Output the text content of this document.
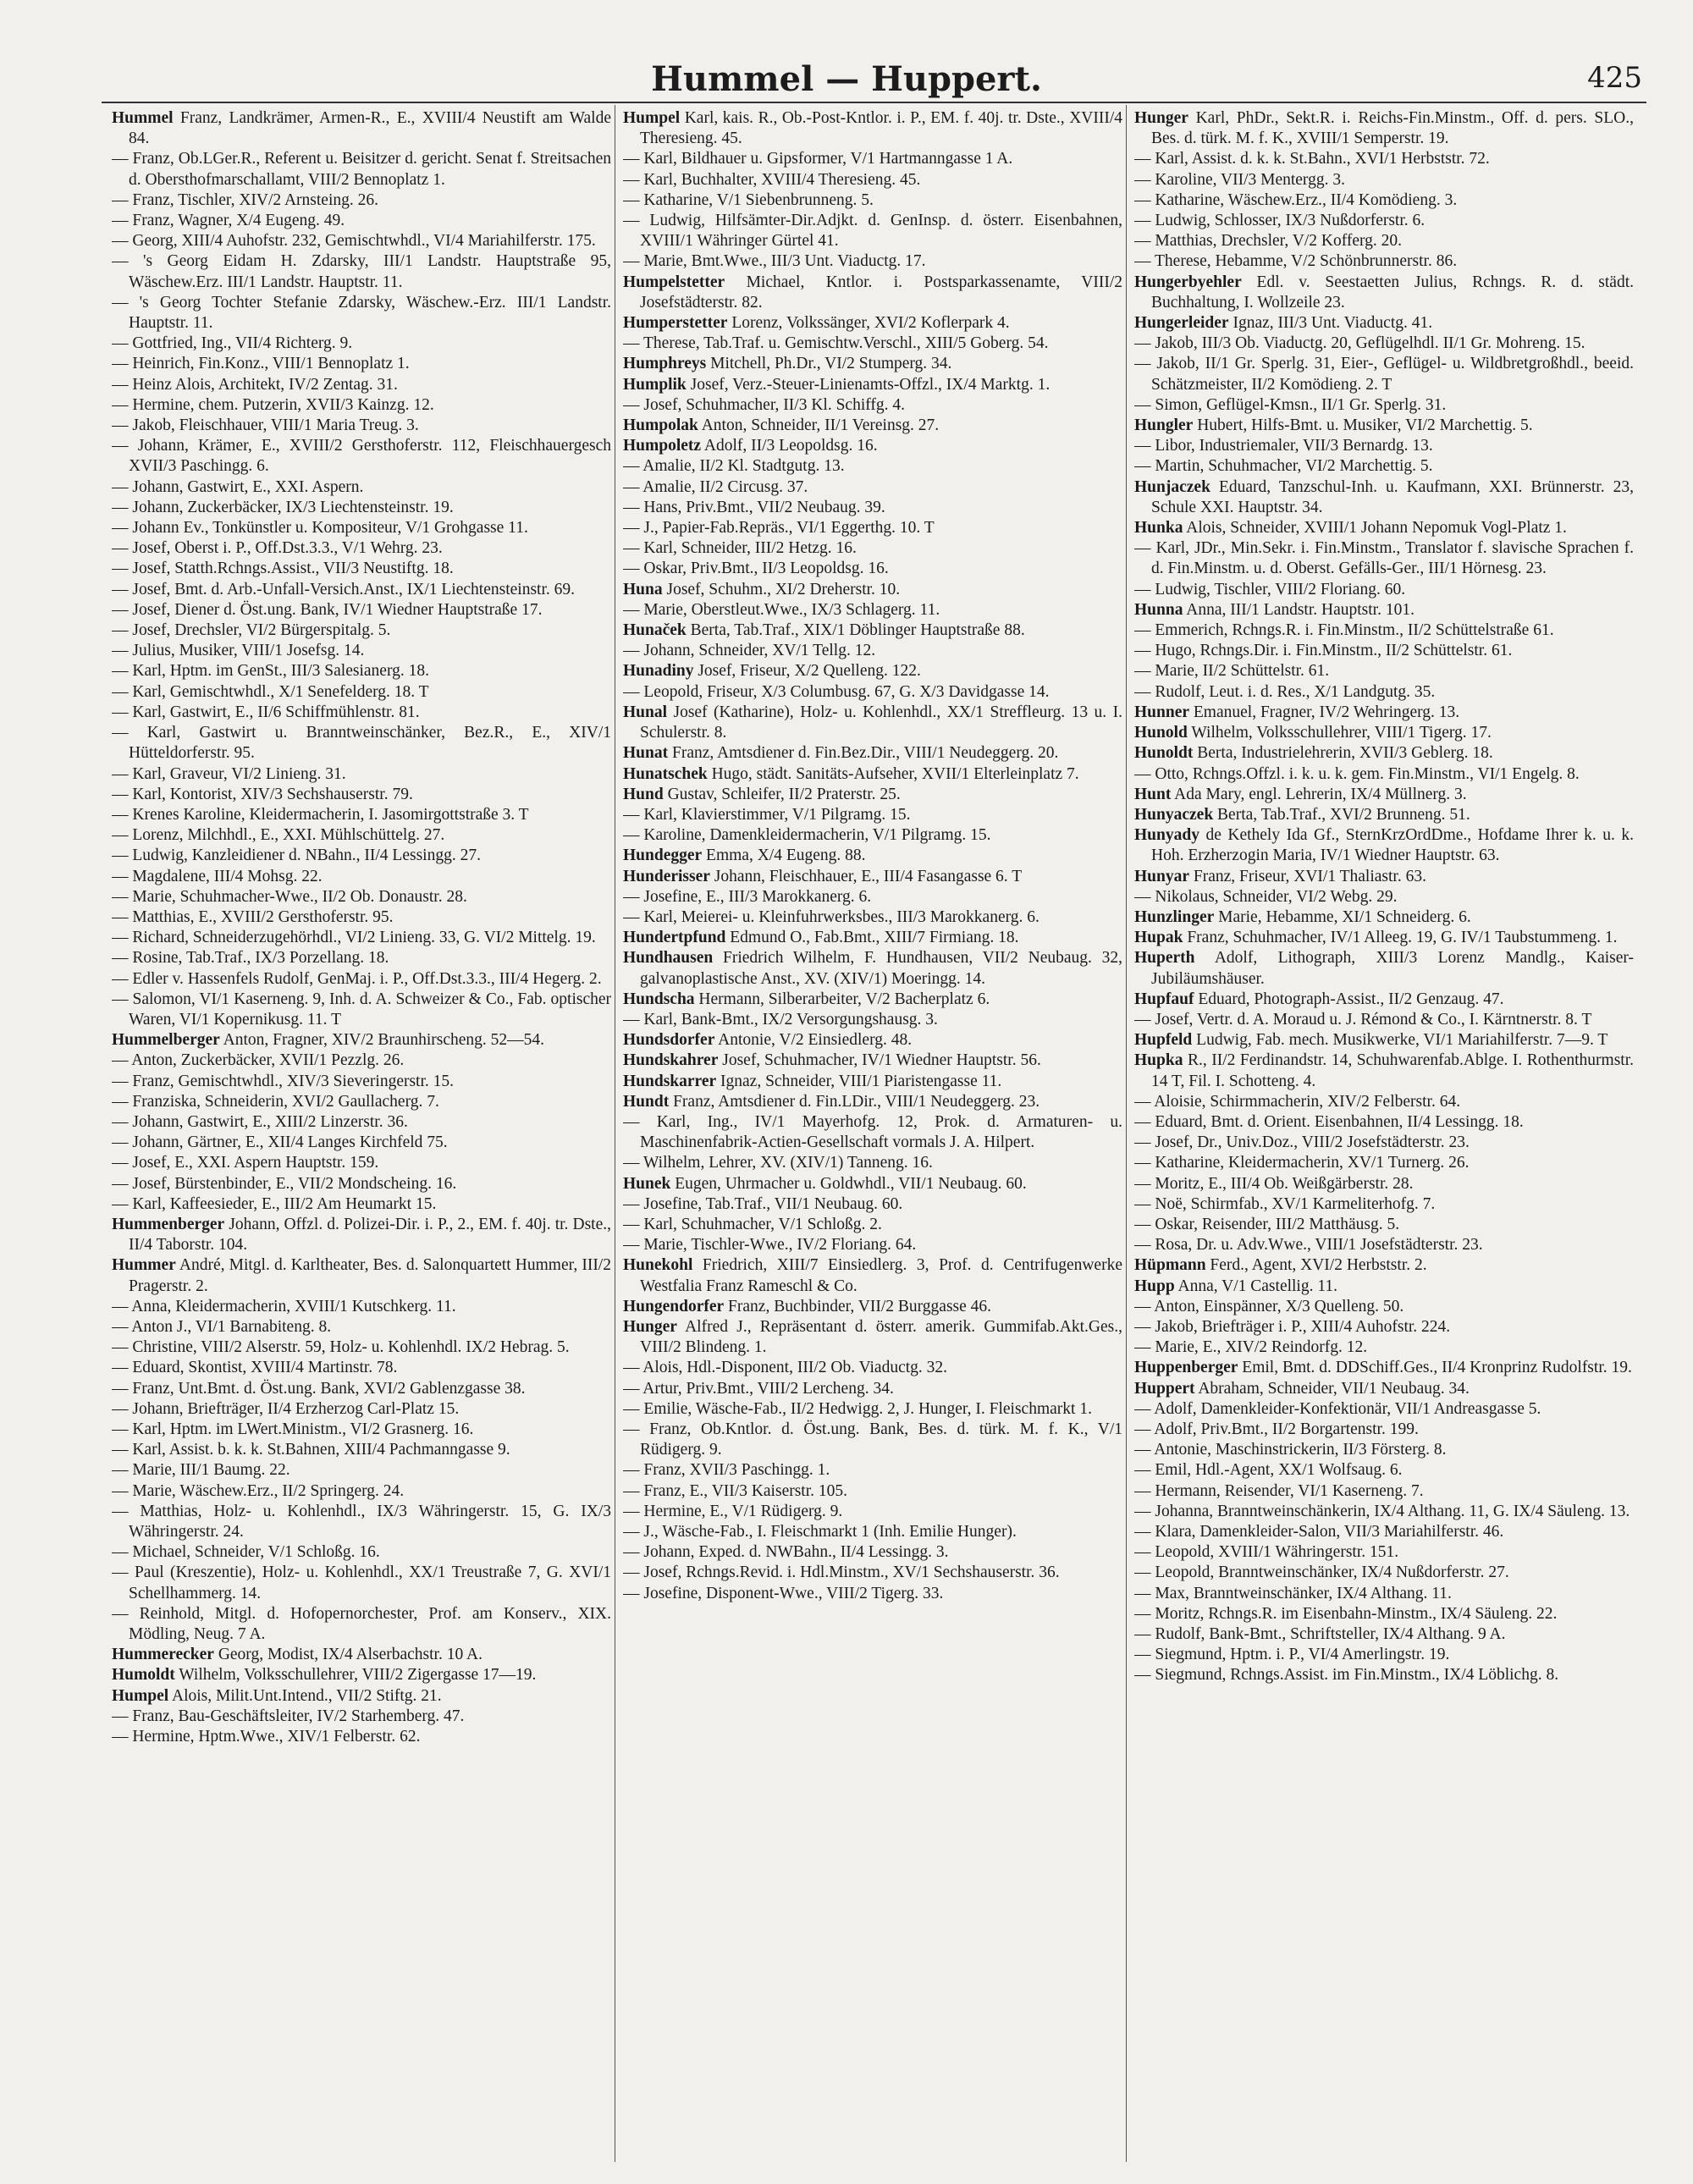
Hummel — Huppert.	425

Hummel Franz, Landkrämer, Armen-R., E., XVIII/4 Neustift am Walde 84.

— Franz, Ob.LGer.R., Referent u. Beisitzer d. gericht. Senat f. Streitsachen d. Obersthofmarschallamt, VIII/2 Bennoplatz 1.

— Franz, Tischler, XIV/2 Arnsteing. 26.

— Franz, Wagner, X/4 Eugeng. 49.

— Georg, XIII/4 Auhofstr. 232, Gemischtwhdl., VI/4 Mariahilferstr. 175.

— 's Georg Eidam H. Zdarsky, III/1 Landstr. Hauptstraße 95, Wäschew.Erz. III/1 Landstr. Hauptstr. 11.

— 's Georg Tochter Stefanie Zdarsky, Wäschew.-Erz. III/1 Landstr. Hauptstr. 11.

— Gottfried, Ing., VII/4 Richterg. 9.

— Heinrich, Fin.Konz., VIII/1 Bennoplatz 1.

— Heinz Alois, Architekt, IV/2 Zentag. 31.

— Hermine, chem. Putzerin, XVII/3 Kainzg. 12.

— Jakob, Fleischhauer, VIII/1 Maria Treug. 3.

— Johann, Krämer, E., XVIII/2 Gersthoferstr. 112, Fleischhauergesch XVII/3 Paschingg. 6.

— Johann, Gastwirt, E., XXI. Aspern.

— Johann, Zuckerbäcker, IX/3 Liechtensteinstr. 19.

— Johann Ev., Tonkünstler u. Kompositeur, V/1 Grohgasse 11.

— Josef, Oberst i. P., Off.Dst.3.3., V/1 Wehrg. 23.

— Josef, Statth.Rchngs.Assist., VII/3 Neustiftg. 18.

— Josef, Bmt. d. Arb.-Unfall-Versich.Anst., IX/1 Liechtensteinstr. 69.

— Josef, Diener d. Öst.ung. Bank, IV/1 Wiedner Hauptstraße 17.

— Josef, Drechsler, VI/2 Bürgerspitalg. 5.

— Julius, Musiker, VIII/1 Josefsg. 14.

— Karl, Hptm. im GenSt., III/3 Salesianerg. 18.

— Karl, Gemischtwhdl., X/1 Senefelderg. 18. T

— Karl, Gastwirt, E., II/6 Schiffmühlenstr. 81.

— Karl, Gastwirt u. Branntweinschänker, Bez.R., E., XIV/1 Hütteldorferstr. 95.

— Karl, Graveur, VI/2 Linieng. 31.

— Karl, Kontorist, XIV/3 Sechshauserstr. 79.

— Krenes Karoline, Kleidermacherin, I. Jasomirgottstraße 3. T

— Lorenz, Milchhdl., E., XXI. Mühlschüttelg. 27.

— Ludwig, Kanzleidiener d. NBahn., II/4 Lessingg. 27.

— Magdalene, III/4 Mohsg. 22.

— Marie, Schuhmacher-Wwe., II/2 Ob. Donaustr. 28.

— Matthias, E., XVIII/2 Gersthoferstr. 95.

— Richard, Schneiderzugehörhdl., VI/2 Linieng. 33, G. VI/2 Mittelg. 19.

— Rosine, Tab.Traf., IX/3 Porzellang. 18.

— Edler v. Hassenfels Rudolf, GenMaj. i. P., Off.Dst.3.3., III/4 Hegerg. 2.

— Salomon, VI/1 Kaserneng. 9, Inh. d. A. Schweizer & Co., Fab. optischer Waren, VI/1 Kopernikusg. 11. T

Hummelberger Anton, Fragner, XIV/2 Braunhirscheng. 52—54.

— Anton, Zuckerbäcker, XVII/1 Pezzlg. 26.

— Franz, Gemischtwhdl., XIV/3 Sieveringerstr. 15.

— Franziska, Schneiderin, XVI/2 Gaullacherg. 7.

— Johann, Gastwirt, E., XIII/2 Linzerstr. 36.

— Johann, Gärtner, E., XII/4 Langes Kirchfeld 75.

— Josef, E., XXI. Aspern Hauptstr. 159.

— Josef, Bürstenbinder, E., VII/2 Mondscheing. 16.

— Karl, Kaffeesieder, E., III/2 Am Heumarkt 15.

Hummenberger Johann, Offzl. d. Polizei-Dir. i. P., 2., EM. f. 40j. tr. Dste., II/4 Taborstr. 104.

Hummer André, Mitgl. d. Karltheater, Bes. d. Salonquartett Hummer, III/2 Pragerstr. 2.

— Anna, Kleidermacherin, XVIII/1 Kutschkerg. 11.

— Anton J., VI/1 Barnabiteng. 8.

— Christine, VIII/2 Alserstr. 59, Holz- u. Kohlenhdl. IX/2 Hebrag. 5.

— Eduard, Skontist, XVIII/4 Martinstr. 78.

— Franz, Unt.Bmt. d. Öst.ung. Bank, XVI/2 Gablenzgasse 38.

— Johann, Briefträger, II/4 Erzherzog Carl-Platz 15.

— Karl, Hptm. im LWert.Ministm., VI/2 Grasnerg. 16.

— Karl, Assist. b. k. k. St.Bahnen, XIII/4 Pachmanngasse 9.

— Marie, III/1 Baumg. 22.

— Marie, Wäschew.Erz., II/2 Springerg. 24.

— Matthias, Holz- u. Kohlenhdl., IX/3 Währingerstr. 15, G. IX/3 Währingerstr. 24.

— Michael, Schneider, V/1 Schloßg. 16.

— Paul (Kreszentie), Holz- u. Kohlenhdl., XX/1 Treustraße 7, G. XVI/1 Schellhammerg. 14.

— Reinhold, Mitgl. d. Hofopernorchester, Prof. am Konserv., XIX. Mödling, Neug. 7 A.

Hummerecker Georg, Modist, IX/4 Alserbachstr. 10 A.

Humoldt Wilhelm, Volksschullehrer, VIII/2 Zigergasse 17—19.

Humpel Alois, Milit.Unt.Intend., VII/2 Stiftg. 21.

— Franz, Bau-Geschäftsleiter, IV/2 Starhemberg. 47.

— Hermine, Hptm.Wwe., XIV/1 Felberstr. 62.

Humpel Karl, kais. R., Ob.-Post-Kntlor. i. P., EM. f. 40j. tr. Dste., XVIII/4 Theresieng. 45.

— Karl, Bildhauer u. Gipsformer, V/1 Hartmanngasse 1 A.

— Karl, Buchhalter, XVIII/4 Theresieng. 45.

— Katharine, V/1 Siebenbrunneng. 5.

— Ludwig, Hilfsämter-Dir.Adjkt. d. GenInsp. d. österr. Eisenbahnen, XVIII/1 Währinger Gürtel 41.

— Marie, Bmt.Wwe., III/3 Unt. Viaductg. 17.

Humpelstetter Michael, Kntlor. i. Postsparkassenamte, VIII/2 Josefstädterstr. 82.

Humperstetter Lorenz, Volkssänger, XVI/2 Koflerpark 4.

— Therese, Tab.Traf. u. Gemischtw.Verschl., XIII/5 Goberg. 54.

Humphreys Mitchell, Ph.Dr., VI/2 Stumperg. 34.

Humplik Josef, Verz.-Steuer-Linienamts-Offzl., IX/4 Marktg. 1.

— Josef, Schuhmacher, II/3 Kl. Schiffg. 4.

Humpolak Anton, Schneider, II/1 Vereinsg. 27.

Humpoletz Adolf, II/3 Leopoldsg. 16.

— Amalie, II/2 Kl. Stadtgutg. 13.

— Amalie, II/2 Circusg. 37.

— Hans, Priv.Bmt., VII/2 Neubaug. 39.

— J., Papier-Fab.Repräs., VI/1 Eggerthg. 10. T

— Karl, Schneider, III/2 Hetzg. 16.

— Oskar, Priv.Bmt., II/3 Leopoldsg. 16.

Huna Josef, Schuhm., XI/2 Dreherstr. 10.

— Marie, Oberstleut.Wwe., IX/3 Schlagerg. 11.

Hunaček Berta, Tab.Traf., XIX/1 Döblinger Hauptstraße 88.

— Johann, Schneider, XV/1 Tellg. 12.

Hunadiny Josef, Friseur, X/2 Quelleng. 122.

— Leopold, Friseur, X/3 Columbusg. 67, G. X/3 Davidgasse 14.

Hunal Josef (Katharine), Holz- u. Kohlenhdl., XX/1 Streffleurg. 13 u. I. Schulerstr. 8.

Hunat Franz, Amtsdiener d. Fin.Bez.Dir., VIII/1 Neudeggerg. 20.

Hunatschek Hugo, städt. Sanitäts-Aufseher, XVII/1 Elterleinplatz 7.

Hund Gustav, Schleifer, II/2 Praterstr. 25.

— Karl, Klavierstimmer, V/1 Pilgramg. 15.

— Karoline, Damenkleidermacherin, V/1 Pilgramg. 15.

Hundegger Emma, X/4 Eugeng. 88.

Hunderisser Johann, Fleischhauer, E., III/4 Fasangasse 6. T

— Josefine, E., III/3 Marokkanerg. 6.

— Karl, Meierei- u. Kleinfuhrwerksbes., III/3 Marokkanerg. 6.

Hundertpfund Edmund O., Fab.Bmt., XIII/7 Firmiang. 18.

Hundhausen Friedrich Wilhelm, F. Hundhausen, VII/2 Neubaug. 32, galvanoplastische Anst., XV. (XIV/1) Moeringg. 14.

Hundscha Hermann, Silberarbeiter, V/2 Bacherplatz 6.

— Karl, Bank-Bmt., IX/2 Versorgungshausg. 3.

Hundsdorfer Antonie, V/2 Einsiedlerg. 48.

Hundskahrer Josef, Schuhmacher, IV/1 Wiedner Hauptstr. 56.

Hundskarrer Ignaz, Schneider, VIII/1 Piaristengasse 11.

Hundt Franz, Amtsdiener d. Fin.LDir., VIII/1 Neudeggerg. 23.

— Karl, Ing., IV/1 Mayerhofg. 12, Prok. d. Armaturen- u. Maschinenfabrik-Actien-Gesellschaft vormals J. A. Hilpert.

— Wilhelm, Lehrer, XV. (XIV/1) Tanneng. 16.

Hunek Eugen, Uhrmacher u. Goldwhdl., VII/1 Neubaug. 60.

— Josefine, Tab.Traf., VII/1 Neubaug. 60.

— Karl, Schuhmacher, V/1 Schloßg. 2.

— Marie, Tischler-Wwe., IV/2 Floriang. 64.

Hunekohl Friedrich, XIII/7 Einsiedlerg. 3, Prof. d. Centrifugenwerke Westfalia Franz Rameschl & Co.

Hungendorfer Franz, Buchbinder, VII/2 Burggasse 46.

Hunger Alfred J., Repräsentant d. österr. amerik. Gummifab.Akt.Ges., VIII/2 Blindeng. 1.

— Alois, Hdl.-Disponent, III/2 Ob. Viaductg. 32.

— Artur, Priv.Bmt., VIII/2 Lercheng. 34.

— Emilie, Wäsche-Fab., II/2 Hedwigg. 2, J. Hunger, I. Fleischmarkt 1.

— Franz, Ob.Kntlor. d. Öst.ung. Bank, Bes. d. türk. M. f. K., V/1 Rüdigerg. 9.

— Franz, XVII/3 Paschingg. 1.

— Franz, E., VII/3 Kaiserstr. 105.

— Hermine, E., V/1 Rüdigerg. 9.

— J., Wäsche-Fab., I. Fleischmarkt 1 (Inh. Emilie Hunger).

— Johann, Exped. d. NWBahn., II/4 Lessingg. 3.

— Josef, Rchngs.Revid. i. Hdl.Minstm., XV/1 Sechshauserstr. 36.

— Josefine, Disponent-Wwe., VIII/2 Tigerg. 33.

Hunger Karl, PhDr., Sekt.R. i. Reichs-Fin.Minstm., Off. d. pers. SLO., Bes. d. türk. M. f. K., XVIII/1 Semperstr. 19.

— Karl, Assist. d. k. k. St.Bahn., XVI/1 Herbststr. 72.

— Karoline, VII/3 Mentergg. 3.

— Katharine, Wäschew.Erz., II/4 Komödieng. 3.

— Ludwig, Schlosser, IX/3 Nußdorferstr. 6.

— Matthias, Drechsler, V/2 Kofferg. 20.

— Therese, Hebamme, V/2 Schönbrunnerstr. 86.

Hungerbyehler Edl. v. Seestaetten Julius, Rchngs. R. d. städt. Buchhaltung, I. Wollzeile 23.

Hungerleider Ignaz, III/3 Unt. Viaductg. 41.

— Jakob, III/3 Ob. Viaductg. 20, Geflügelhdl. II/1 Gr. Mohreng. 15.

— Jakob, II/1 Gr. Sperlg. 31, Eier-, Geflügel- u. Wildbretgroßhdl., beeid. Schätzmeister, II/2 Komödieng. 2. T

— Simon, Geflügel-Kmsn., II/1 Gr. Sperlg. 31.

Hungler Hubert, Hilfs-Bmt. u. Musiker, VI/2 Marchettig. 5.

— Libor, Industriemaler, VII/3 Bernardg. 13.

— Martin, Schuhmacher, VI/2 Marchettig. 5.

Hunjaczek Eduard, Tanzschul-Inh. u. Kaufmann, XXI. Brünnerstr. 23, Schule XXI. Hauptstr. 34.

Hunka Alois, Schneider, XVIII/1 Johann Nepomuk Vogl-Platz 1.

— Karl, JDr., Min.Sekr. i. Fin.Minstm., Translator f. slavische Sprachen f. d. Fin.Minstm. u. d. Oberst. Gefälls-Ger., III/1 Hörnesg. 23.

— Ludwig, Tischler, VIII/2 Floriang. 60.

Hunna Anna, III/1 Landstr. Hauptstr. 101.

— Emmerich, Rchngs.R. i. Fin.Minstm., II/2 Schüttelstraße 61.

— Hugo, Rchngs.Dir. i. Fin.Minstm., II/2 Schüttelstr. 61.

— Marie, II/2 Schüttelstr. 61.

— Rudolf, Leut. i. d. Res., X/1 Landgutg. 35.

Hunner Emanuel, Fragner, IV/2 Wehringerg. 13.

Hunold Wilhelm, Volksschullehrer, VIII/1 Tigerg. 17.

Hunoldt Berta, Industrielehrerin, XVII/3 Geblerg. 18.

— Otto, Rchngs.Offzl. i. k. u. k. gem. Fin.Minstm., VI/1 Engelg. 8.

Hunt Ada Mary, engl. Lehrerin, IX/4 Müllnerg. 3.

Hunyaczek Berta, Tab.Traf., XVI/2 Brunneng. 51.

Hunyady de Kethely Ida Gf., SternKrzOrdDme., Hofdame Ihrer k. u. k. Hoh. Erzherzogin Maria, IV/1 Wiedner Hauptstr. 63.

Hunyar Franz, Friseur, XVI/1 Thaliastr. 63.

— Nikolaus, Schneider, VI/2 Webg. 29.

Hunzlinger Marie, Hebamme, XI/1 Schneiderg. 6.

Hupak Franz, Schuhmacher, IV/1 Alleeg. 19, G. IV/1 Taubstummeng. 1.

Huperth Adolf, Lithograph, XIII/3 Lorenz Mandlg., Kaiser-Jubiläumshäuser.

Hupfauf Eduard, Photograph-Assist., II/2 Genzaug. 47.

— Josef, Vertr. d. A. Moraud u. J. Rémond & Co., I. Kärntnerstr. 8. T

Hupfeld Ludwig, Fab. mech. Musikwerke, VI/1 Mariahilferstr. 7—9. T

Hupka R., II/2 Ferdinandstr. 14, Schuhwarenfab.Ablge. I. Rothenthurmstr. 14 T, Fil. I. Schotteng. 4.

— Aloisie, Schirmmacherin, XIV/2 Felberstr. 64.

— Eduard, Bmt. d. Orient. Eisenbahnen, II/4 Lessingg. 18.

— Josef, Dr., Univ.Doz., VIII/2 Josefstädterstr. 23.

— Katharine, Kleidermacherin, XV/1 Turnerg. 26.

— Moritz, E., III/4 Ob. Weißgärberstr. 28.

— Noë, Schirmfab., XV/1 Karmeliterhofg. 7.

— Oskar, Reisender, III/2 Matthäusg. 5.

— Rosa, Dr. u. Adv.Wwe., VIII/1 Josefstädterstr. 23.

Hüpmann Ferd., Agent, XVI/2 Herbststr. 2.

Hupp Anna, V/1 Castellig. 11.

— Anton, Einspänner, X/3 Quelleng. 50.

— Jakob, Briefträger i. P., XIII/4 Auhofstr. 224.

— Marie, E., XIV/2 Reindorfg. 12.

Huppenberger Emil, Bmt. d. DDSchiff.Ges., II/4 Kronprinz Rudolfstr. 19.

Huppert Abraham, Schneider, VII/1 Neubaug. 34.

— Adolf, Damenkleider-Konfektionär, VII/1 Andreasgasse 5.

— Adolf, Priv.Bmt., II/2 Borgartenstr. 199.

— Antonie, Maschinstrickerin, II/3 Försterg. 8.

— Emil, Hdl.-Agent, XX/1 Wolfsaug. 6.

— Hermann, Reisender, VI/1 Kaserneng. 7.

— Johanna, Branntweinschänkerin, IX/4 Althang. 11, G. IX/4 Säuleng. 13.

— Klara, Damenkleider-Salon, VII/3 Mariahilferstr. 46.

— Leopold, XVIII/1 Währingerstr. 151.

— Leopold, Branntweinschänker, IX/4 Nußdorferstr. 27.

— Max, Branntweinschänker, IX/4 Althang. 11.

— Moritz, Rchngs.R. im Eisenbahn-Minstm., IX/4 Säuleng. 22.

— Rudolf, Bank-Bmt., Schriftsteller, IX/4 Althang. 9 A.

— Siegmund, Hptm. i. P., VI/4 Amerlingstr. 19.

— Siegmund, Rchngs.Assist. im Fin.Minstm., IX/4 Löblichg. 8.
